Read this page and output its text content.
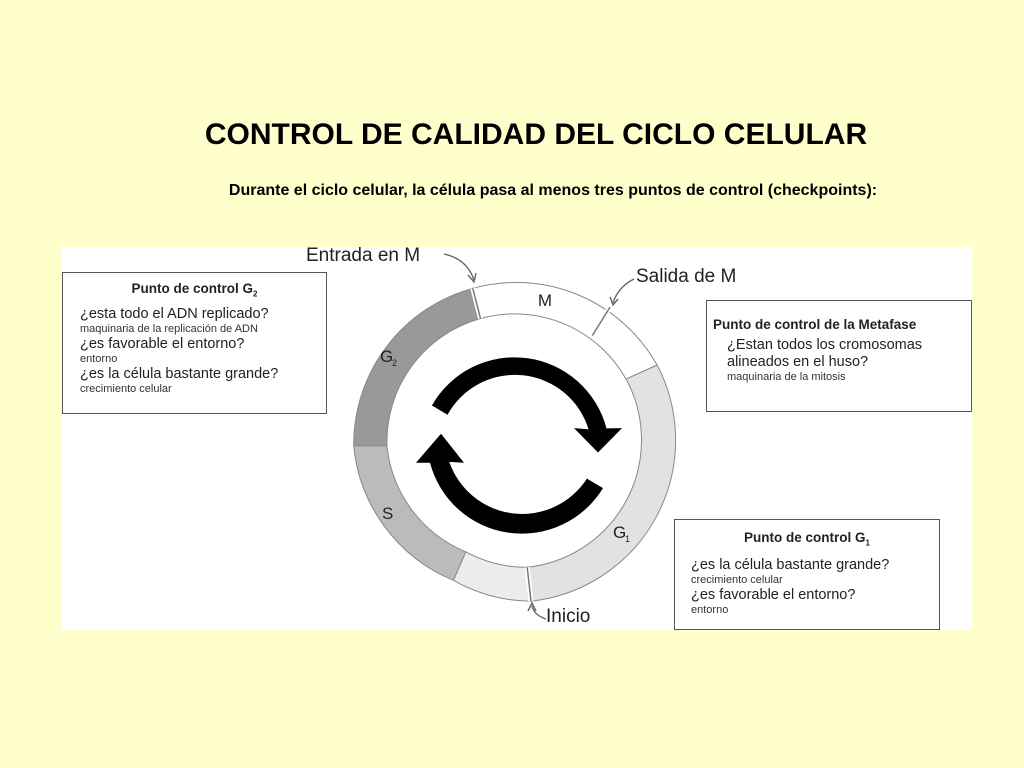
CONTROL DE CALIDAD DEL CICLO CELULAR
Durante el ciclo celular, la célula pasa al menos tres puntos de control (checkpoints):
M
G
2
S
G
1
Entrada en M
Salida de M
Inicio
Punto de control $G_2$
¿esta todo el ADN replicado?
maquinaria de la replicación de ADN
¿es favorable el entorno?
entorno
¿es la célula bastante grande?
crecimiento celular
Punto de control de la Metafase
¿Estan todos los cromosomas
alineados en el huso?
maquinaria de la mitosis
Punto de control $G_1$
¿es la célula bastante grande?
crecimiento celular
¿es favorable el entorno?
entorno
